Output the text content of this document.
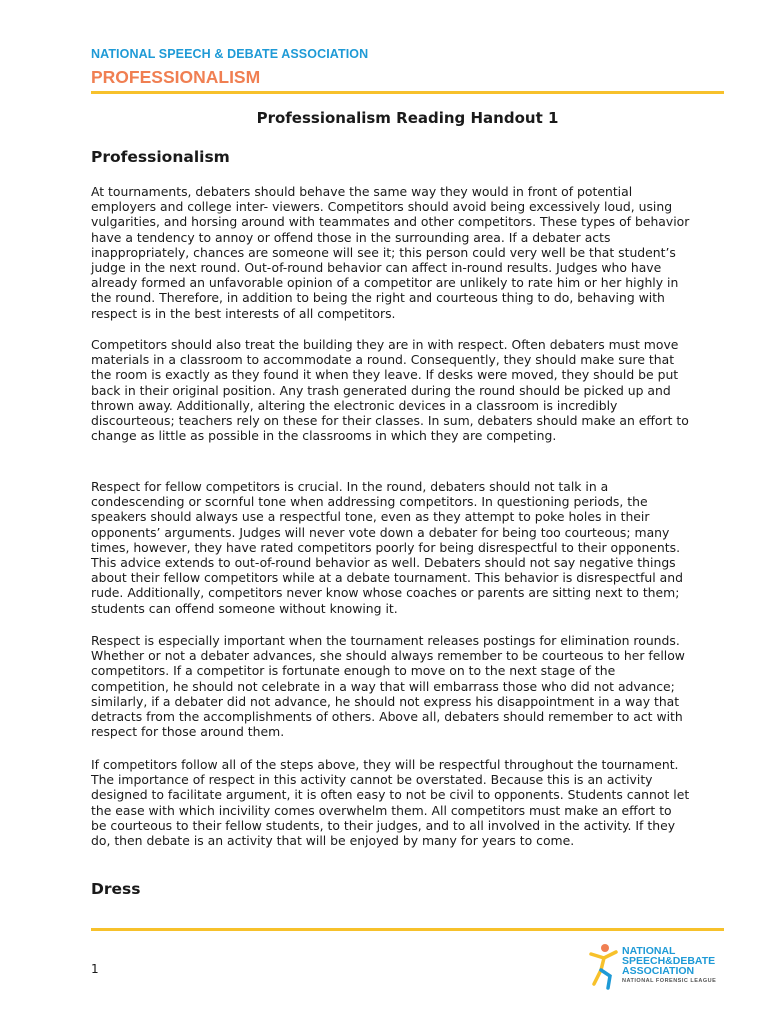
NATIONAL SPEECH & DEBATE ASSOCIATION

PROFESSIONALISM

Professionalism Reading Handout 1
Professionalism

At tournaments, debaters should behave the same way they would in front of potential employers and college inter- viewers. Competitors should avoid being excessively loud, using vulgarities, and horsing around with teammates and other competitors. These types of behavior have a tendency to annoy or offend those in the surrounding area. If a debater acts inappropriately, chances are someone will see it; this person could very well be that student’s judge in the next round. Out-of-round behavior can affect in-round results. Judges who have already formed an unfavorable opinion of a competitor are unlikely to rate him or her highly in the round. Therefore, in addition to being the right and courteous thing to do, behaving with respect is in the best interests of all competitors.

Competitors should also treat the building they are in with respect. Often debaters must move materials in a classroom to accommodate a round. Consequently, they should make sure that the room is exactly as they found it when they leave. If desks were moved, they should be put back in their original position. Any trash generated during the round should be picked up and thrown away. Additionally, altering the electronic devices in a classroom is incredibly discourteous; teachers rely on these for their classes. In sum, debaters should make an effort to change as little as possible in the classrooms in which they are competing.

Respect for fellow competitors is crucial. In the round, debaters should not talk in a condescending or scornful tone when addressing competitors. In questioning periods, the speakers should always use a respectful tone, even as they attempt to poke holes in their opponents’ arguments. Judges will never vote down a debater for being too courteous; many times, however, they have rated competitors poorly for being disrespectful to their opponents. This advice extends to out-of-round behavior as well. Debaters should not say negative things about their fellow competitors while at a debate tournament. This behavior is disrespectful and rude. Additionally, competitors never know whose coaches or parents are sitting next to them; students can offend someone without knowing it.

Respect is especially important when the tournament releases postings for elimination rounds. Whether or not a debater advances, she should always remember to be courteous to her fellow competitors. If a competitor is fortunate enough to move on to the next stage of the competition, he should not celebrate in a way that will embarrass those who did not advance; similarly, if a debater did not advance, he should not express his disappointment in a way that detracts from the accomplishments of others. Above all, debaters should remember to act with respect for those around them.

If competitors follow all of the steps above, they will be respectful throughout the tournament. The importance of respect in this activity cannot be overstated. Because this is an activity designed to facilitate argument, it is often easy to not be civil to opponents. Students cannot let the ease with which incivility comes overwhelm them. All competitors must make an effort to be courteous to their fellow students, to their judges, and to all involved in the activity. If they do, then debate is an activity that will be enjoyed by many for years to come.

Dress

1

NATIONAL
SPEECH&DEBATE
ASSOCIATION
NATIONAL FORENSIC LEAGUE
